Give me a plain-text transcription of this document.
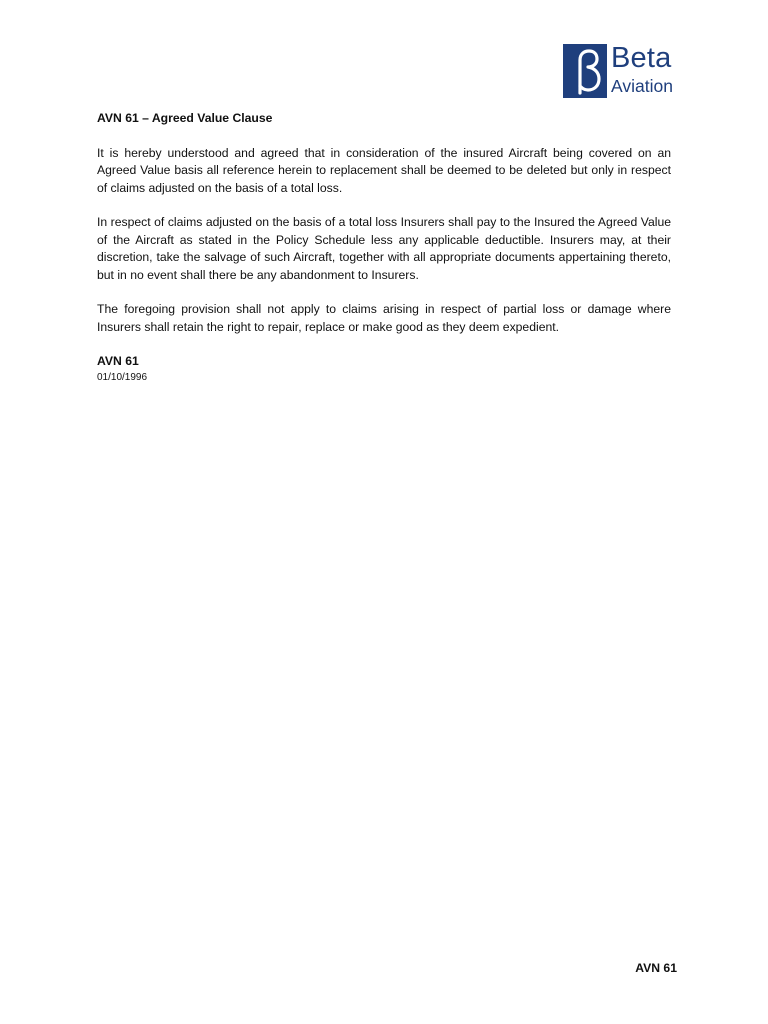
Beta
Aviation

AVN 61 – Agreed Value Clause

It is hereby understood and agreed that in consideration of the insured Aircraft being covered on an Agreed Value basis all reference herein to replacement shall be deemed to be deleted but only in respect of claims adjusted on the basis of a total loss.

In respect of claims adjusted on the basis of a total loss Insurers shall pay to the Insured the Agreed Value of the Aircraft as stated in the Policy Schedule less any applicable deductible. Insurers may, at their discretion, take the salvage of such Aircraft, together with all appropriate documents appertaining thereto, but in no event shall there be any abandonment to Insurers.

The foregoing provision shall not apply to claims arising in respect of partial loss or damage where Insurers shall retain the right to repair, replace or make good as they deem expedient.

AVN 61

01/10/1996

AVN 61
